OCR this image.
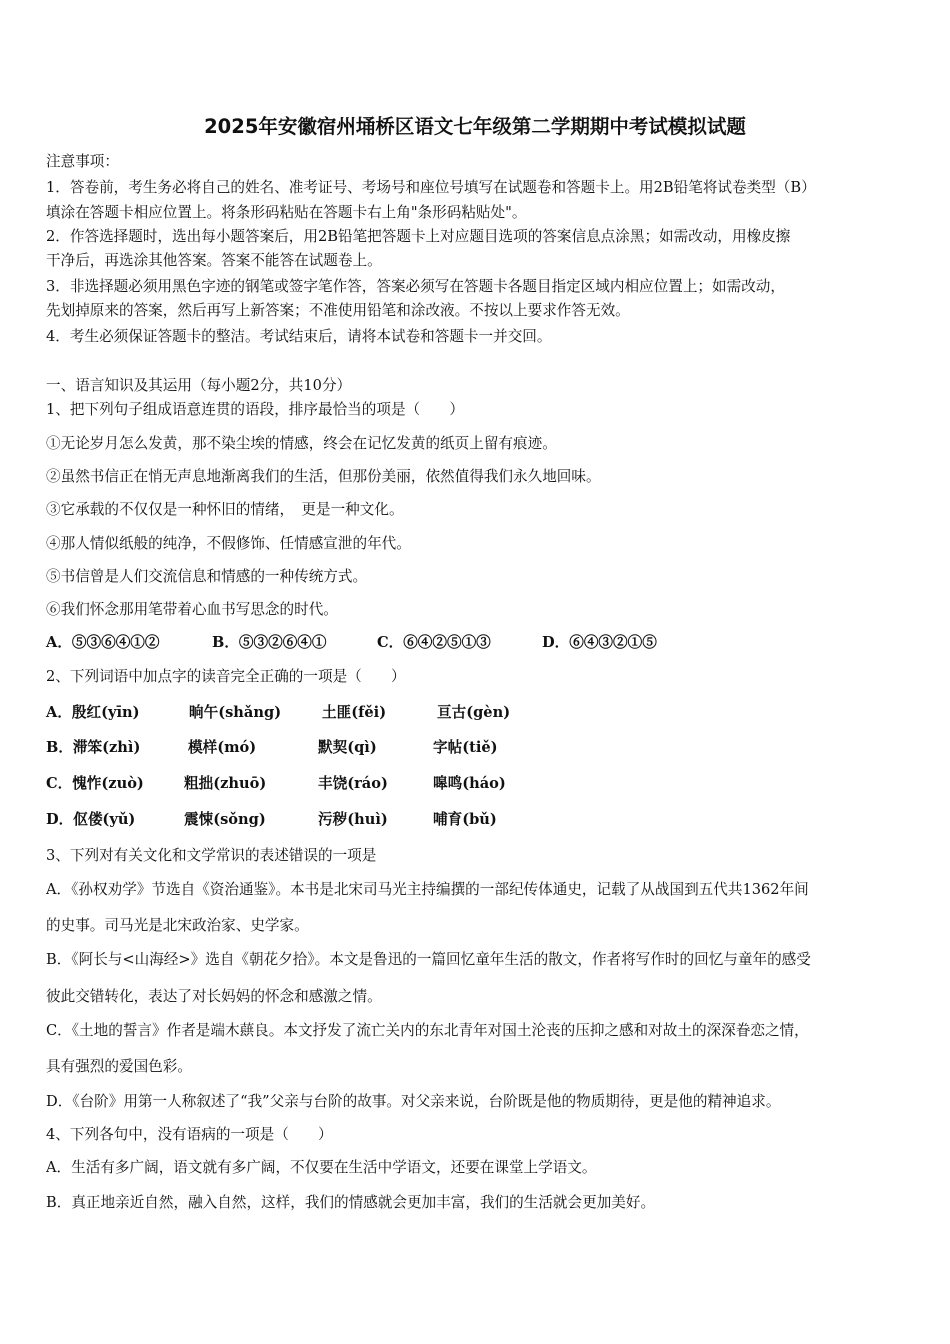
2025年安徽宿州埇桥区语文七年级第二学期期中考试模拟试题
注意事项：
1．答卷前，考生务必将自己的姓名、准考证号、考场号和座位号填写在试题卷和答题卡上。用2B铅笔将试卷类型（B）
填涂在答题卡相应位置上。将条形码粘贴在答题卡右上角"条形码粘贴处"。
2．作答选择题时，选出每小题答案后，用2B铅笔把答题卡上对应题目选项的答案信息点涂黑；如需改动，用橡皮擦
干净后，再选涂其他答案。答案不能答在试题卷上。
3．非选择题必须用黑色字迹的钢笔或签字笔作答，答案必须写在答题卡各题目指定区域内相应位置上；如需改动，
先划掉原来的答案，然后再写上新答案；不准使用铅笔和涂改液。不按以上要求作答无效。
4．考生必须保证答题卡的整洁。考试结束后，请将本试卷和答题卡一并交回。
一、语言知识及其运用（每小题2分，共10分）
1、把下列句子组成语意连贯的语段，排序最恰当的项是（　　）
①无论岁月怎么发黄，那不染尘埃的情感，终会在记忆发黄的纸页上留有痕迹。
②虽然书信正在悄无声息地渐离我们的生活，但那份美丽，依然值得我们永久地回味。
③它承载的不仅仅是一种怀旧的情绪，　更是一种文化。
④那人情似纸般的纯净，不假修饰、任情感宣泄的年代。
⑤书信曾是人们交流信息和情感的一种传统方式。
⑥我们怀念那用笔带着心血书写思念的时代。
A．⑤③⑥④①②	B．⑤③②⑥④①	C．⑥④②⑤①③	D．⑥④③②①⑤
2、下列词语中加点字的读音完全正确的一项是（　　）
A．殷红(yīn)	晌午(shǎng)	土匪(fěi)	亘古(gèn)
B．滞笨(zhì)	模样(mó)	默契(qì)	字帖(tiě)
C．愧怍(zuò)	粗拙(zhuō)	丰饶(ráo)	嗥鸣(háo)
D．伛偻(yǔ)	震悚(sǒng)	污秽(huì)	哺育(bǔ)
3、下列对有关文化和文学常识的表述错误的一项是
A．《孙权劝学》节选自《资治通鉴》。本书是北宋司马光主持编撰的一部纪传体通史，记载了从战国到五代共1362年间
的史事。司马光是北宋政治家、史学家。
B．《阿长与<山海经>》选自《朝花夕拾》。本文是鲁迅的一篇回忆童年生活的散文，作者将写作时的回忆与童年的感受
彼此交错转化，表达了对长妈妈的怀念和感激之情。
C．《土地的誓言》作者是端木蕻良。本文抒发了流亡关内的东北青年对国土沦丧的压抑之感和对故土的深深眷恋之情，
具有强烈的爱国色彩。
D．《台阶》用第一人称叙述了“我”父亲与台阶的故事。对父亲来说，台阶既是他的物质期待，更是他的精神追求。
4、下列各句中，没有语病的一项是（　　）
A．生活有多广阔，语文就有多广阔，不仅要在生活中学语文，还要在课堂上学语文。
B．真正地亲近自然，融入自然，这样，我们的情感就会更加丰富，我们的生活就会更加美好。
